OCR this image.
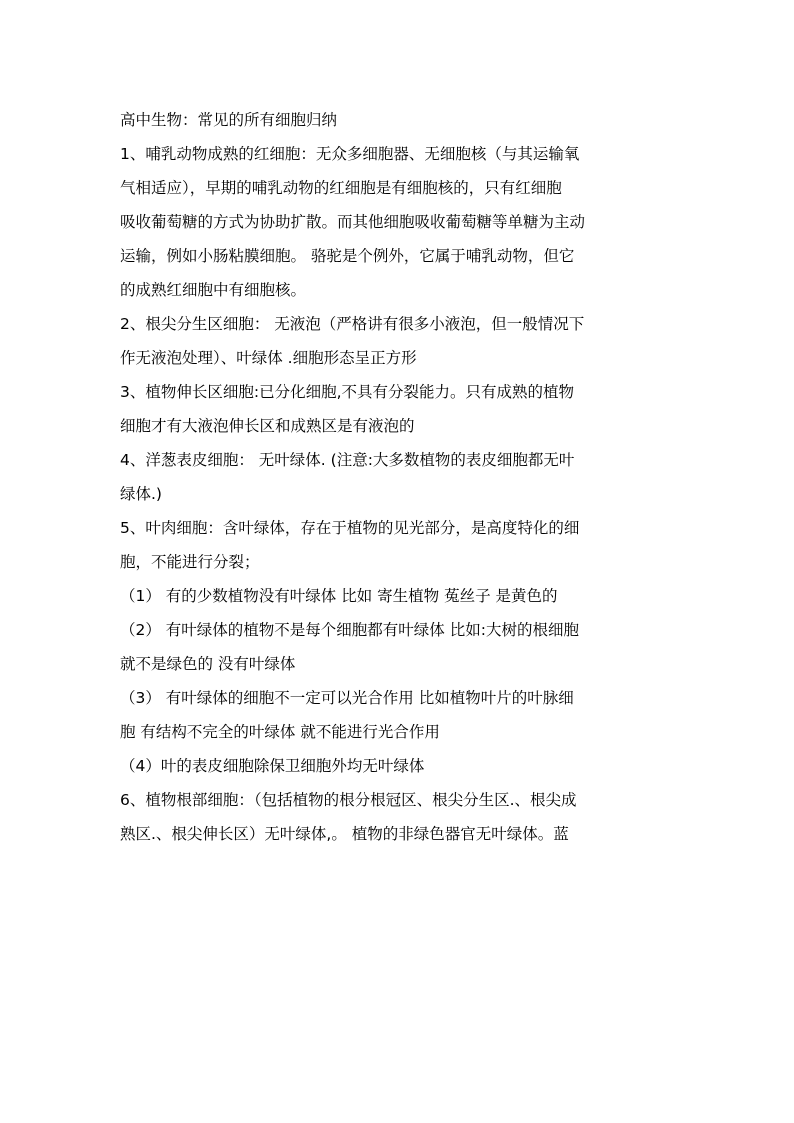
高中生物：常见的所有细胞归纳
1、哺乳动物成熟的红细胞：无众多细胞器、无细胞核（与其运输氧
气相适应），早期的哺乳动物的红细胞是有细胞核的，只有红细胞
吸收葡萄糖的方式为协助扩散。而其他细胞吸收葡萄糖等单糖为主动
运输，例如小肠粘膜细胞。 骆驼是个例外，它属于哺乳动物，但它
的成熟红细胞中有细胞核。
2、根尖分生区细胞： 无液泡（严格讲有很多小液泡，但一般情况下
作无液泡处理）、叶绿体 .细胞形态呈正方形
3、植物伸长区细胞:已分化细胞,不具有分裂能力。只有成熟的植物
细胞才有大液泡伸长区和成熟区是有液泡的
4、洋葱表皮细胞： 无叶绿体. (注意:大多数植物的表皮细胞都无叶
绿体.)
5、叶肉细胞：含叶绿体，存在于植物的见光部分，是高度特化的细
胞，不能进行分裂；
（1） 有的少数植物没有叶绿体 比如 寄生植物 菟丝子 是黄色的
（2） 有叶绿体的植物不是每个细胞都有叶绿体 比如:大树的根细胞
就不是绿色的 没有叶绿体
（3） 有叶绿体的细胞不一定可以光合作用 比如植物叶片的叶脉细
胞 有结构不完全的叶绿体 就不能进行光合作用
（4）叶的表皮细胞除保卫细胞外均无叶绿体
6、植物根部细胞：（包括植物的根分根冠区、根尖分生区.、根尖成
熟区.、根尖伸长区）无叶绿体,。 植物的非绿色器官无叶绿体。蓝
